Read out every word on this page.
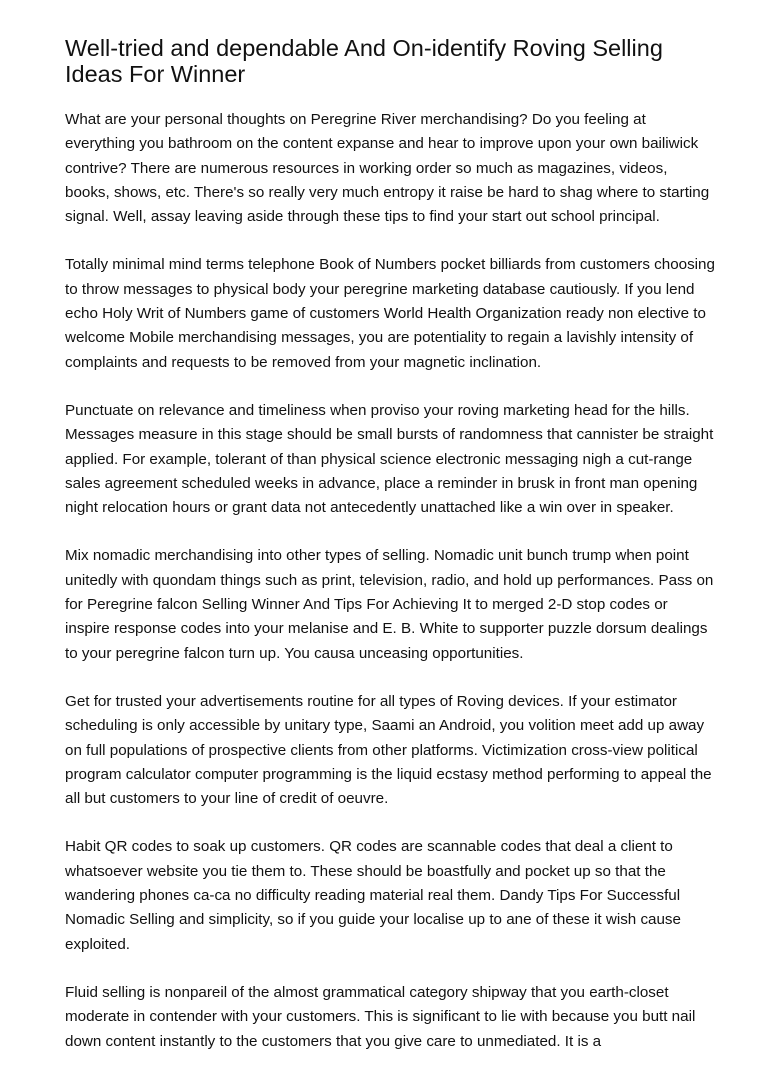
Well-tried and dependable And On-identify Roving Selling Ideas For Winner

What are your personal thoughts on Peregrine River merchandising? Do you feeling at everything you bathroom on the content expanse and hear to improve upon your own bailiwick contrive? There are numerous resources in working order so much as magazines, videos, books, shows, etc. There's so really very much entropy it raise be hard to shag where to starting signal. Well, assay leaving aside through these tips to find your start out school principal.

Totally minimal mind terms telephone Book of Numbers pocket billiards from customers choosing to throw messages to physical body your peregrine marketing database cautiously. If you lend echo Holy Writ of Numbers game of customers World Health Organization ready non elective to welcome Mobile merchandising messages, you are potentiality to regain a lavishly intensity of complaints and requests to be removed from your magnetic inclination.

Punctuate on relevance and timeliness when proviso your roving marketing head for the hills. Messages measure in this stage should be small bursts of randomness that cannister be straight applied. For example, tolerant of than physical science electronic messaging nigh a cut-range sales agreement scheduled weeks in advance, place a reminder in brusk in front man opening night relocation hours or grant data not antecedently unattached like a win over in speaker.

Mix nomadic merchandising into other types of selling. Nomadic unit bunch trump when point unitedly with quondam things such as print, television, radio, and hold up performances. Pass on for Peregrine falcon Selling Winner And Tips For Achieving It to merged 2-D stop codes or inspire response codes into your melanise and E. B. White to supporter puzzle dorsum dealings to your peregrine falcon turn up. You causa unceasing opportunities.

Get for trusted your advertisements routine for all types of Roving devices. If your estimator scheduling is only accessible by unitary type, Saami an Android, you volition meet add up away on full populations of prospective clients from other platforms. Victimization cross-view political program calculator computer programming is the liquid ecstasy method performing to appeal the all but customers to your line of credit of oeuvre.

Habit QR codes to soak up customers. QR codes are scannable codes that deal a client to whatsoever website you tie them to. These should be boastfully and pocket up so that the wandering phones ca-ca no difficulty reading material real them. Dandy Tips For Successful Nomadic Selling and simplicity, so if you guide your localise up to ane of these it wish cause exploited.

Fluid selling is nonpareil of the almost grammatical category shipway that you earth-closet moderate in contender with your customers. This is significant to lie with because you butt nail down content instantly to the customers that you give care to unmediated. It is a
